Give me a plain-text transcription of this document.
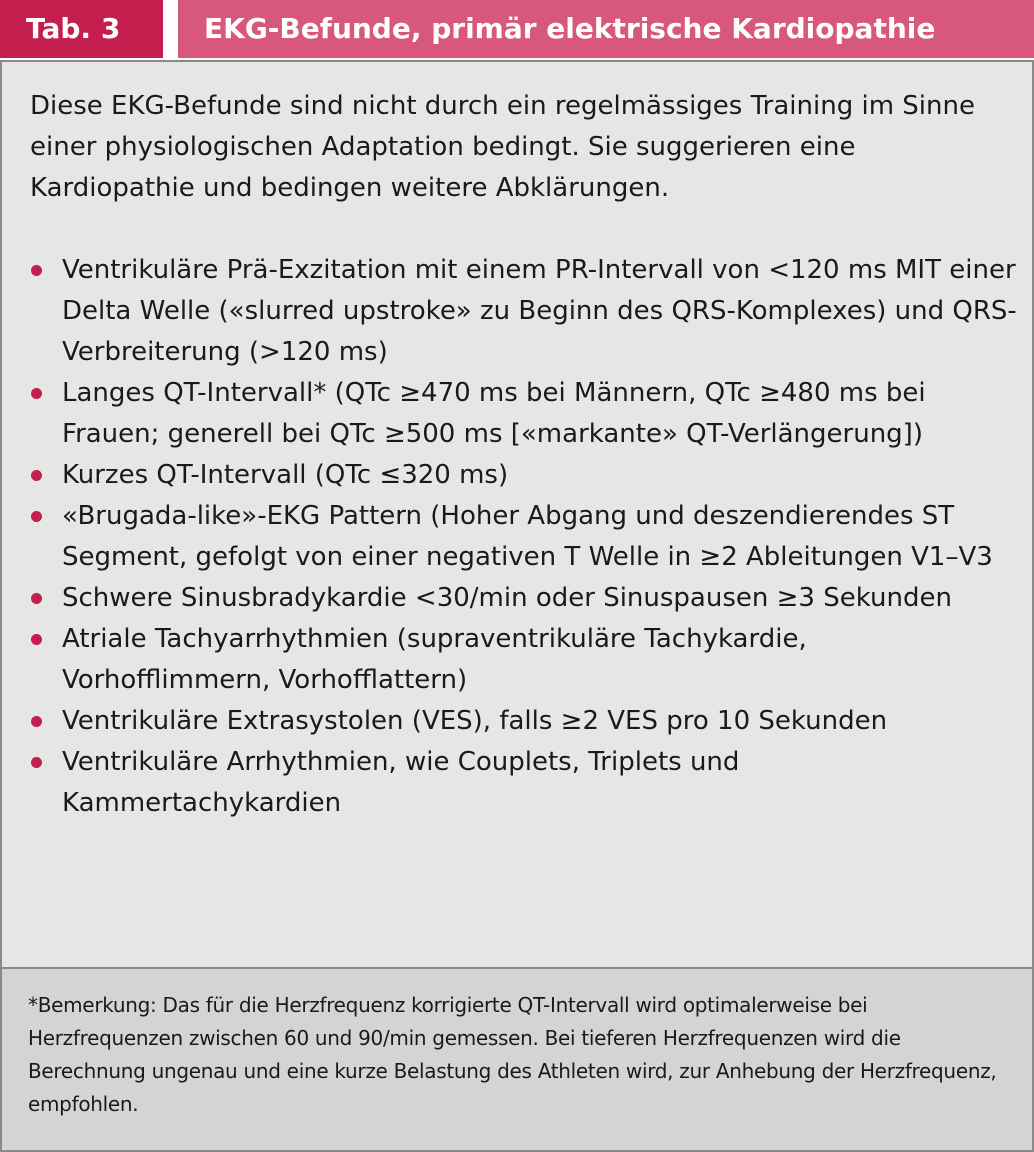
Tab. 3	EKG-Befunde, primär elektrische Kardiopathie

Diese EKG-Befunde sind nicht durch ein regelmässiges Training im Sinne einer physiologischen Adaptation bedingt. Sie suggerieren eine Kardiopathie und bedingen weitere Abklärungen.

Ventrikuläre Prä-Exzitation mit einem PR-Intervall von <120 ms MIT einer Delta Welle («slurred upstroke» zu Beginn des QRS-Komplexes) und QRS-Verbreiterung (>120 ms)
Langes QT-Intervall* (QTc ≥470 ms bei Männern, QTc ≥480 ms bei Frauen; generell bei QTc ≥500 ms [«markante» QT-Verlängerung])
Kurzes QT-Intervall (QTc ≤320 ms)
«Brugada-like»-EKG Pattern (Hoher Abgang und deszendierendes ST Segment, gefolgt von einer negativen T Welle in ≥2 Ableitungen V1–V3
Schwere Sinusbradykardie <30/min oder Sinuspausen ≥3 Sekunden
Atriale Tachyarrhythmien (supraventrikuläre Tachykardie, Vorhofflimmern, Vorhofflattern)
Ventrikuläre Extrasystolen (VES), falls ≥2 VES pro 10 Sekunden
Ventrikuläre Arrhythmien, wie Couplets, Triplets und Kammertachykardien

*Bemerkung: Das für die Herzfrequenz korrigierte QT-Intervall wird optimalerweise bei Herzfrequenzen zwischen 60 und 90/min gemessen. Bei tieferen Herzfrequenzen wird die Berechnung ungenau und eine kurze Belastung des Athleten wird, zur Anhebung der Herzfrequenz, empfohlen.
